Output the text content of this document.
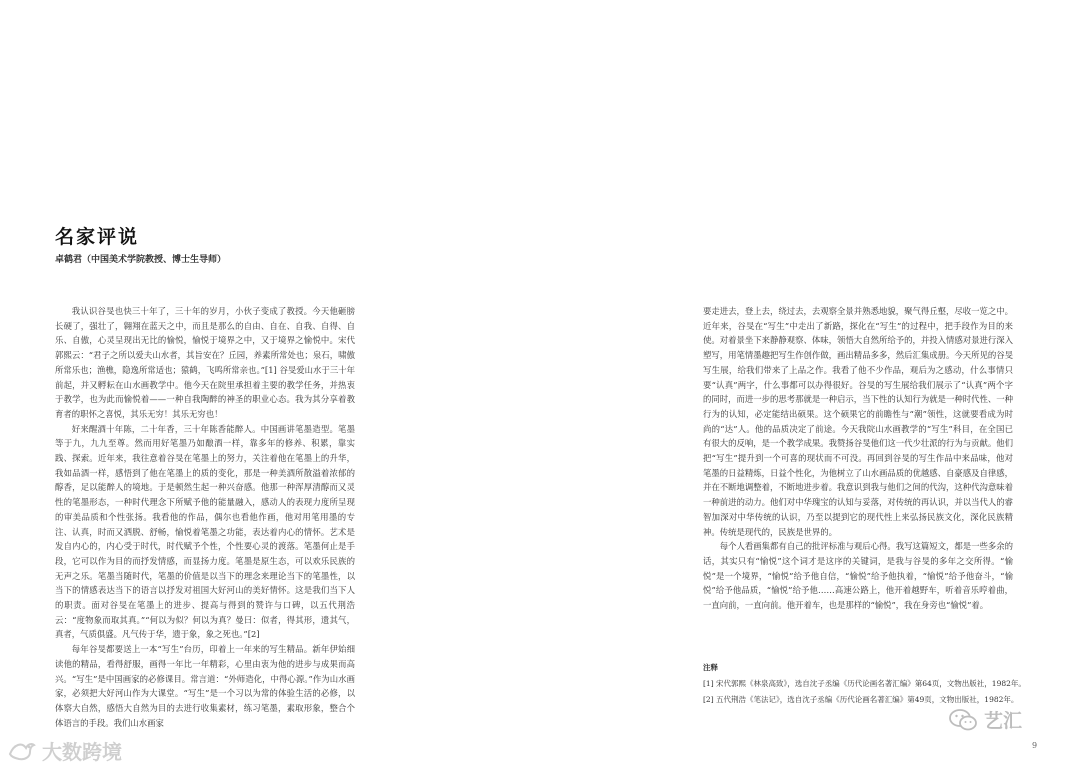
名家评说
卓鹤君（中国美术学院教授、博士生导师）

我认识谷旻也快三十年了，三十年的岁月，小伙子变成了教授。今天他砸膀长硬了，强壮了，翱翔在蓝天之中，而且是那么的自由、自在、自我、自得、自乐、自傲，心灵呈现出无比的愉悦，愉悦于境界之中，又于境界之愉悦中。宋代郭熙云：“君子之所以爱夫山水者，其旨安在？丘园，养素所常处也；泉石，啸傲所常乐也；渔樵，隐逸所常适也；猿鹤，飞鸣所常亲也。”[1] 谷旻爱山水于三十年前起，并又孵耘在山水画教学中。他今天在院里承担着主要的教学任务，并热衷于教学，也为此而愉悦着——一种自我陶醉的神圣的职业心态。我为其分享着教育者的职怀之喜悦，其乐无穷！其乐无穷也！

好来醒酒十年陈，二十年香，三十年陈香能醉人。中国画讲笔墨造型。笔墨等于九，九九至尊。然而用好笔墨乃如酿酒一样，靠多年的修养、积累，靠实践、探索。近年来，我往意着谷旻在笔墨上的努力，关注着他在笔墨上的升华，我如品酒一样，感悟到了他在笔墨上的质的变化，那是一种美酒所散溢着浓郁的醇香，足以能醉人的境地。于是顿然生起一种兴奋感。他那一种浑厚清醇而又灵性的笔墨形态，一种时代理念下所赋予他的能量融入，感动人的表现力度所呈现的审美品质和个性张扬。我看他的作品，偶尔也看他作画，他对用笔用墨的专注、认真，时而又洒脱、舒畅，愉悦着笔墨之功能，表达着内心的情怀。艺术是发自内心的，内心受于时代，时代赋予个性，个性要心灵的渡落。笔墨何止是手段，它可以作为目的而抒发情感，而显扬力度。笔墨是原生态，可以欢乐民族的无声之乐。笔墨当随时代，笔墨的价值是以当下的理念来理论当下的笔墨性，以当下的情感表达当下的语言以抒发对祖国大好河山的美好情怀。这是我们当下人的职责。面对谷旻在笔墨上的进步、提高与得到的赞许与口碑，以五代荆浩云：“度物象而取其真。”“何以为似？何以为真？曼曰：似者，得其形，遗其气，真者，气质俱盛。凡气传于华，遗于象，象之死也。”[2]

每年谷旻都要送上一本“写生”台历，印着上一年来的写生精品。新年伊始细读他的精品，看得舒服，画得一年比一年精彩，心里由衷为他的进步与成果而高兴。“写生”是中国画家的必修课目。常言道：“外师造化，中得心源。”作为山水画家，必须把大好河山作为大课堂。“写生”是一个习以为常的体验生活的必修，以体察大自然，感悟大自然为目的去进行收集素材，练习笔墨，素取形象，整合个体语言的手段。我们山水画家

大数跨境

要走进去，登上去，绕过去，去观察全景并熟悉地貌，聚气得丘壑，尽收一览之中。近年来，谷旻在“写生”中走出了新路，探化在“写生”的过程中，把手段作为目的来使。对着景坐下来静静观察、体味，领悟大自然所给予的，并投入情感对景进行深入塑写，用笔情墨趣把写生作创作做，画出精品多多，然后汇集成册。今天所见的谷旻写生展，给我们带来了上品之作。我看了他不少作品，观后为之感动，什么事情只要“认真”两字，什么事都可以办得很好。谷旻的写生展给我们展示了“认真”两个字的同时，而进一步的思考那就是一种启示，当下性的认知行为就是一种时代性、一种行为的认知，必定能结出硕果。这个硕果它的前瞻性与“潮”领性，这就要看成为时尚的“达”人。他的品质决定了前途。今天我院山水画教学的“写生”科目，在全国已有很大的反响，是一个教学成果。我赞扬谷旻他们这一代少壮派的行为与贡献。他们把“写生”提升到一个可喜的现状而不可没。再回到谷旻的写生作品中来品味，他对笔墨的日益精炼，日益个性化，为他树立了山水画品质的优越感、自豪感及自律感，并在不断地调整着，不断地进步着。我意识到我与他们之间的代沟，这种代沟意味着一种前进的动力。他们对中华瑰宝的认知与妥落，对传统的再认识，并以当代人的睿智加深对中华传统的认识，乃至以提到它的现代性上来弘扬民族文化，深化民族精神。传统是现代的，民族是世界的。

每个人看画集都有自己的批评标准与观后心得。我写这篇短文，都是一些多余的话，其实只有“愉悦”这个词才是这序的关键词，是我与谷旻的多年之交所得。“愉悦”是一个境界，“愉悦”给予他自信，“愉悦”给予他执着，“愉悦”给予他奋斗，“愉悦”给予他品质，“愉悦”给予他……高速公路上，他开着越野车，听着音乐哼着曲，一直向前，一直向前。他开着车，也是那样的“愉悦”，我在身旁也“愉悦”着。

注释
[1] 宋代郭熙《林泉高致》，选自沈子丞编《历代论画名著汇编》第64页，文物出版社，1982年。
[2] 五代荆浩《笔法记》，选自沈子丞编《历代论画名著汇编》第49页，文物出版社，1982年。
艺汇
9
